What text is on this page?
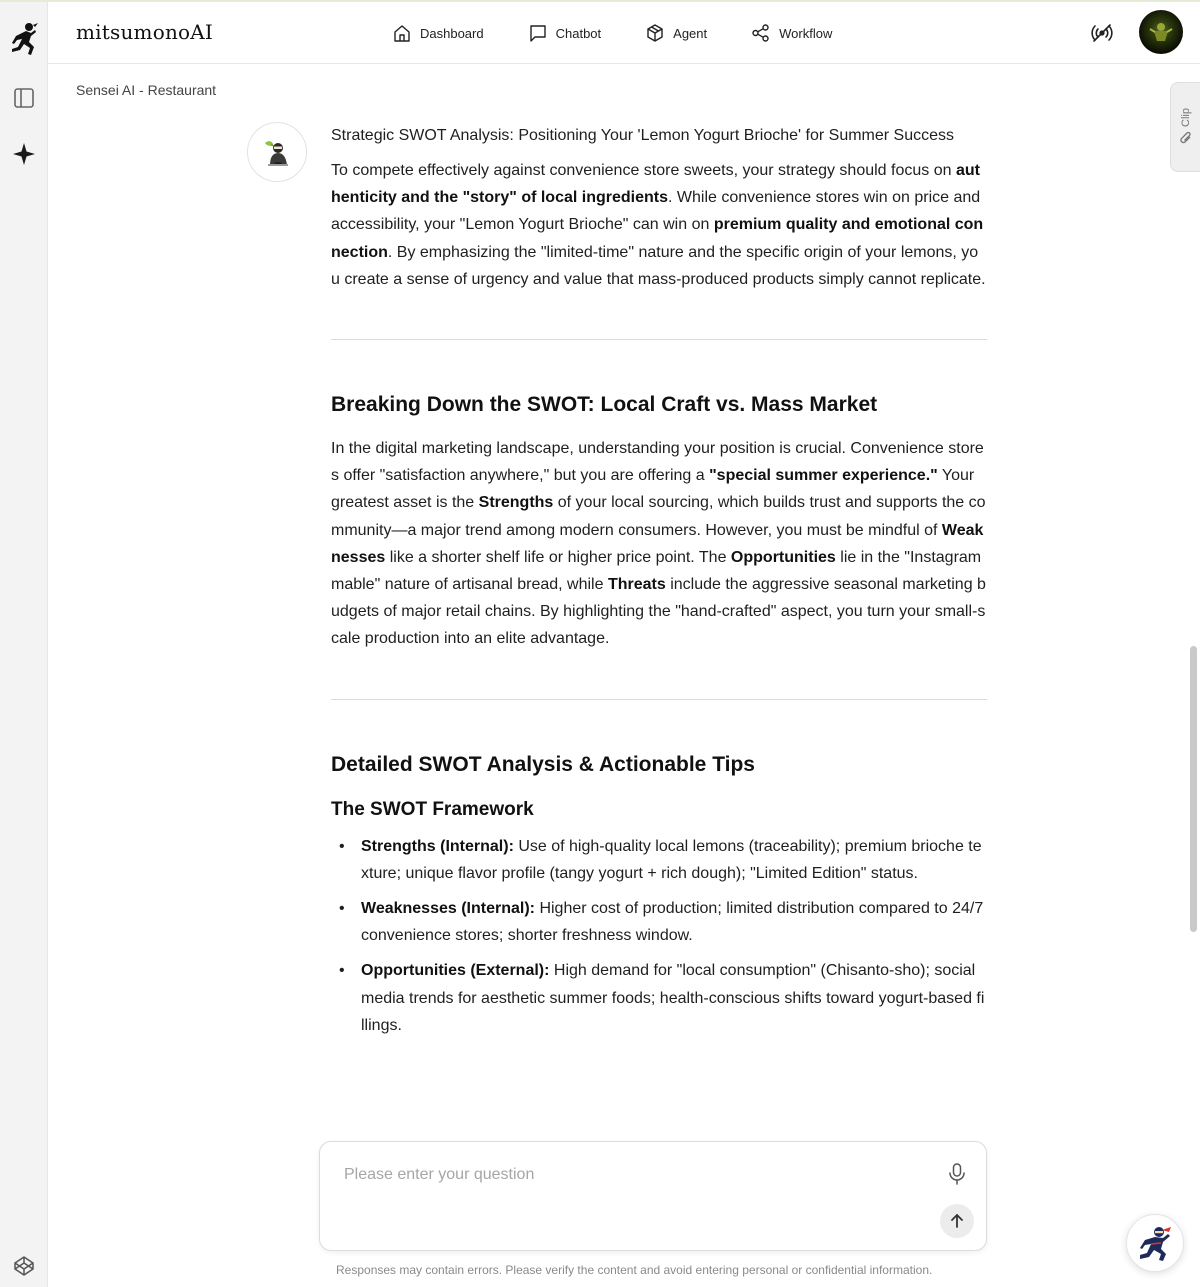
mitsumonoAI	Dashboard	Chatbot	Agent	Workflow
Sensei AI - Restaurant
Clip
Strategic SWOT Analysis: Positioning Your 'Lemon Yogurt Brioche' for Summer Success

To compete effectively against convenience store sweets, your strategy should focus on authenticity and the "story" of local ingredients. While convenience stores win on price and accessibility, your "Lemon Yogurt Brioche" can win on premium quality and emotional connection. By emphasizing the "limited-time" nature and the specific origin of your lemons, you create a sense of urgency and value that mass-produced products simply cannot replicate.

Breaking Down the SWOT: Local Craft vs. Mass Market

In the digital marketing landscape, understanding your position is crucial. Convenience stores offer "satisfaction anywhere," but you are offering a "special summer experience." Your greatest asset is the Strengths of your local sourcing, which builds trust and supports the community—a major trend among modern consumers. However, you must be mindful of Weaknesses like a shorter shelf life or higher price point. The Opportunities lie in the "Instagrammable" nature of artisanal bread, while Threats include the aggressive seasonal marketing budgets of major retail chains. By highlighting the "hand-crafted" aspect, you turn your small-scale production into an elite advantage.

Detailed SWOT Analysis & Actionable Tips
The SWOT Framework
• Strengths (Internal): Use of high-quality local lemons (traceability); premium brioche texture; unique flavor profile (tangy yogurt + rich dough); "Limited Edition" status.
• Weaknesses (Internal): Higher cost of production; limited distribution compared to 24/7 convenience stores; shorter freshness window.
• Opportunities (External): High demand for "local consumption" (Chisanto-sho); social media trends for aesthetic summer foods; health-conscious shifts toward yogurt-based fillings.
Please enter your question
Responses may contain errors. Please verify the content and avoid entering personal or confidential information.
